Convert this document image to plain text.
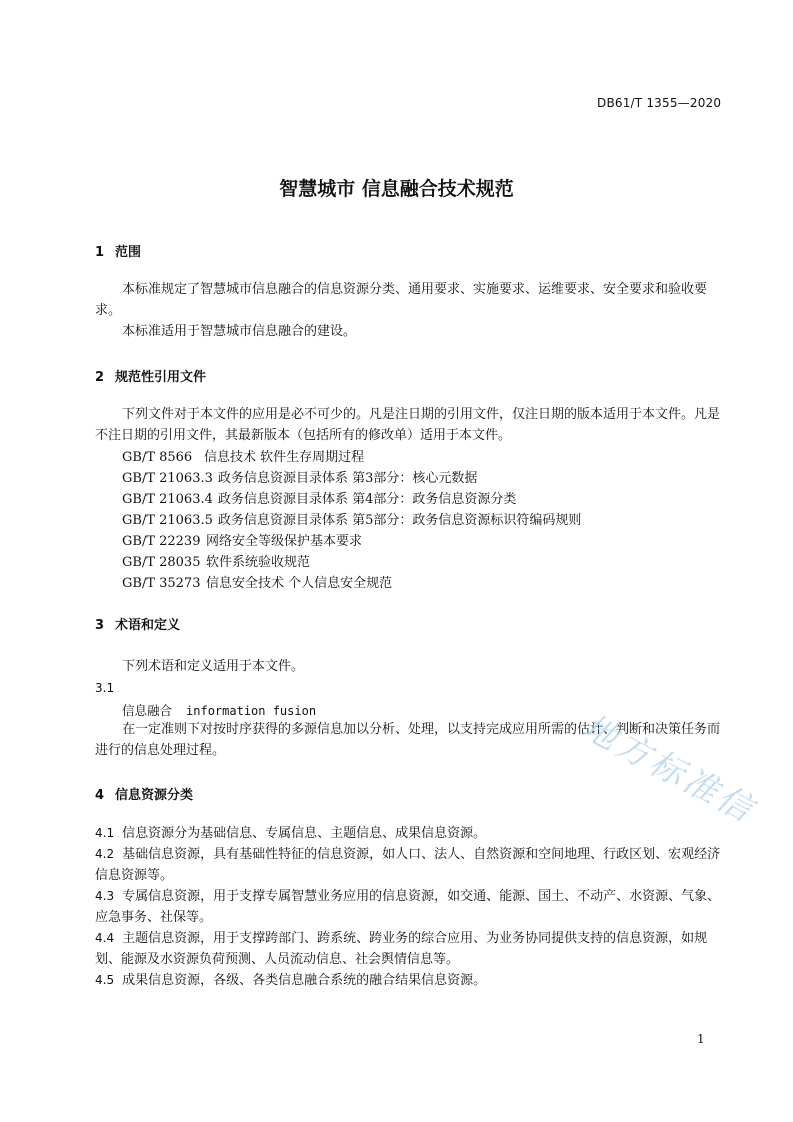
DB61/T 1355—2020
智慧城市 信息融合技术规范
1 范围
本标准规定了智慧城市信息融合的信息资源分类、通用要求、实施要求、运维要求、安全要求和验收要求。
本标准适用于智慧城市信息融合的建设。
2 规范性引用文件
下列文件对于本文件的应用是必不可少的。凡是注日期的引用文件，仅注日期的版本适用于本文件。凡是不注日期的引用文件，其最新版本（包括所有的修改单）适用于本文件。
GB/T 8566 信息技术 软件生存周期过程
GB/T 21063.3 政务信息资源目录体系 第3部分：核心元数据
GB/T 21063.4 政务信息资源目录体系 第4部分：政务信息资源分类
GB/T 21063.5 政务信息资源目录体系 第5部分：政务信息资源标识符编码规则
GB/T 22239 网络安全等级保护基本要求
GB/T 28035 软件系统验收规范
GB/T 35273 信息安全技术 个人信息安全规范
3 术语和定义
下列术语和定义适用于本文件。
3.1
信息融合 information fusion
在一定准则下对按时序获得的多源信息加以分析、处理，以支持完成应用所需的估计、判断和决策任务而进行的信息处理过程。
4 信息资源分类
4.1 信息资源分为基础信息、专属信息、主题信息、成果信息资源。
4.2 基础信息资源，具有基础性特征的信息资源，如人口、法人、自然资源和空间地理、行政区划、宏观经济信息资源等。
4.3 专属信息资源，用于支撑专属智慧业务应用的信息资源，如交通、能源、国土、不动产、水资源、气象、应急事务、社保等。
4.4 主题信息资源，用于支撑跨部门、跨系统、跨业务的综合应用、为业务协同提供支持的信息资源，如规划、能源及水资源负荷预测、人员流动信息、社会舆情信息等。
4.5 成果信息资源，各级、各类信息融合系统的融合结果信息资源。
地方标准信
1
